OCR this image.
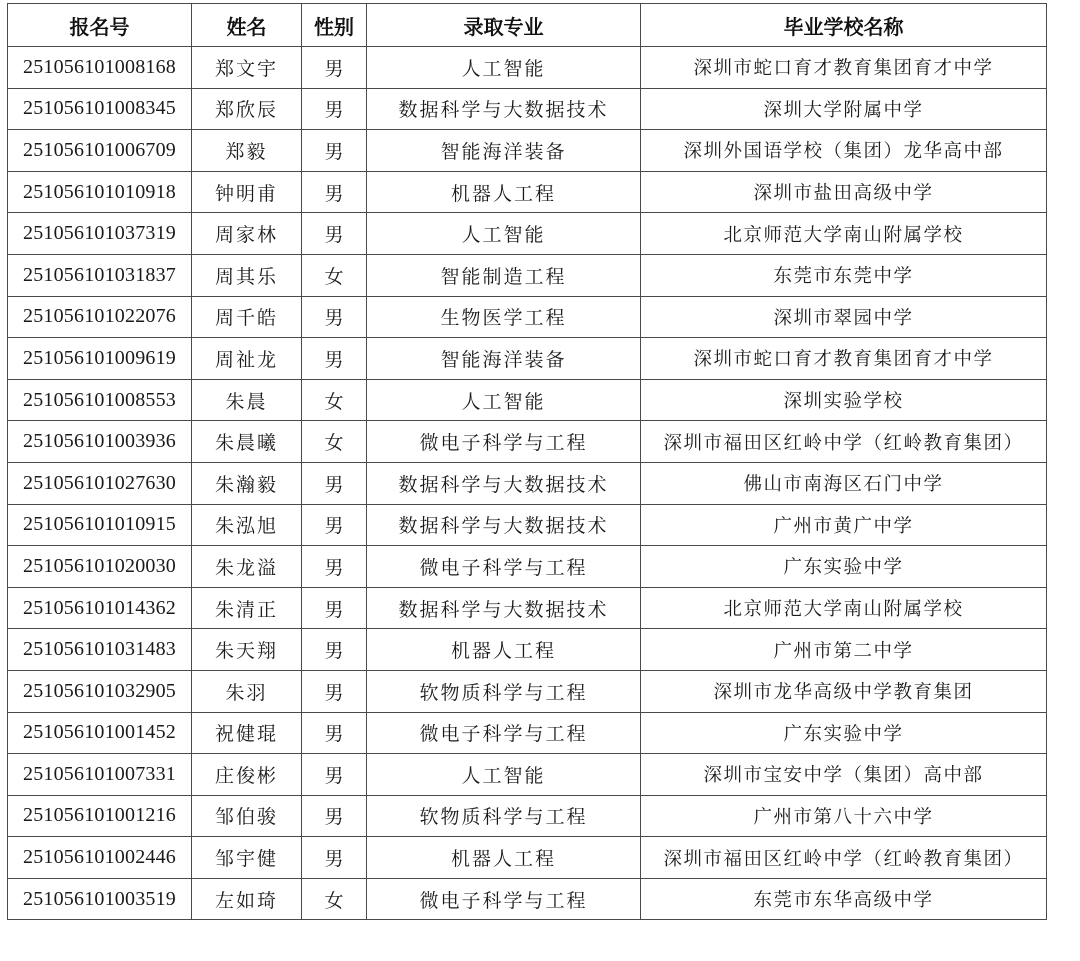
报名号	姓名	性别	录取专业	毕业学校名称
251056101008168	郑文宇	男	人工智能	深圳市蛇口育才教育集团育才中学
251056101008345	郑欣辰	男	数据科学与大数据技术	深圳大学附属中学
251056101006709	郑毅	男	智能海洋装备	深圳外国语学校（集团）龙华高中部
251056101010918	钟明甫	男	机器人工程	深圳市盐田高级中学
251056101037319	周家林	男	人工智能	北京师范大学南山附属学校
251056101031837	周其乐	女	智能制造工程	东莞市东莞中学
251056101022076	周千皓	男	生物医学工程	深圳市翠园中学
251056101009619	周祉龙	男	智能海洋装备	深圳市蛇口育才教育集团育才中学
251056101008553	朱晨	女	人工智能	深圳实验学校
251056101003936	朱晨曦	女	微电子科学与工程	深圳市福田区红岭中学（红岭教育集团）
251056101027630	朱瀚毅	男	数据科学与大数据技术	佛山市南海区石门中学
251056101010915	朱泓旭	男	数据科学与大数据技术	广州市黄广中学
251056101020030	朱龙溢	男	微电子科学与工程	广东实验中学
251056101014362	朱清正	男	数据科学与大数据技术	北京师范大学南山附属学校
251056101031483	朱天翔	男	机器人工程	广州市第二中学
251056101032905	朱羽	男	软物质科学与工程	深圳市龙华高级中学教育集团
251056101001452	祝健琨	男	微电子科学与工程	广东实验中学
251056101007331	庄俊彬	男	人工智能	深圳市宝安中学（集团）高中部
251056101001216	邹伯骏	男	软物质科学与工程	广州市第八十六中学
251056101002446	邹宇健	男	机器人工程	深圳市福田区红岭中学（红岭教育集团）
251056101003519	左如琦	女	微电子科学与工程	东莞市东华高级中学
